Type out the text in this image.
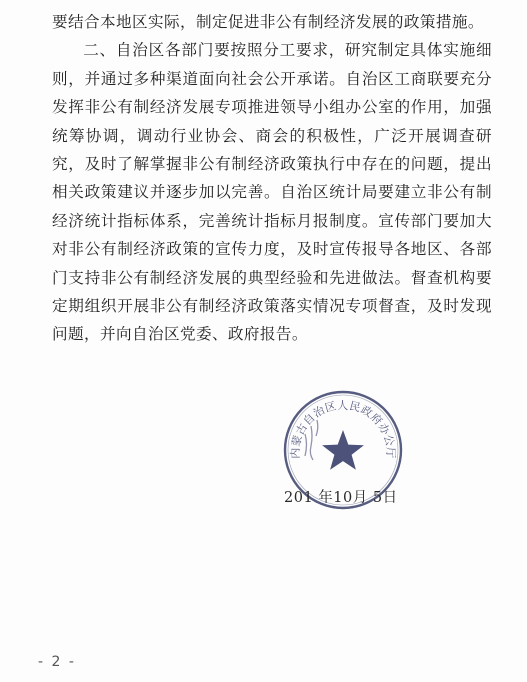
要结合本地区实际，制定促进非公有制经济发展的政策措施。

二、自治区各部门要按照分工要求，研究制定具体实施细则，并通过多种渠道面向社会公开承诺。自治区工商联要充分发挥非公有制经济发展专项推进领导小组办公室的作用，加强统筹协调，调动行业协会、商会的积极性，广泛开展调查研究，及时了解掌握非公有制经济政策执行中存在的问题，提出相关政策建议并逐步加以完善。自治区统计局要建立非公有制经济统计指标体系，完善统计指标月报制度。宣传部门要加大对非公有制经济政策的宣传力度，及时宣传报导各地区、各部门支持非公有制经济发展的典型经验和先进做法。督查机构要定期组织开展非公有制经济政策落实情况专项督查，及时发现问题，并向自治区党委、政府报告。

内蒙古自治区人民政府办公厅
201 年10月 5日
- 2 -
